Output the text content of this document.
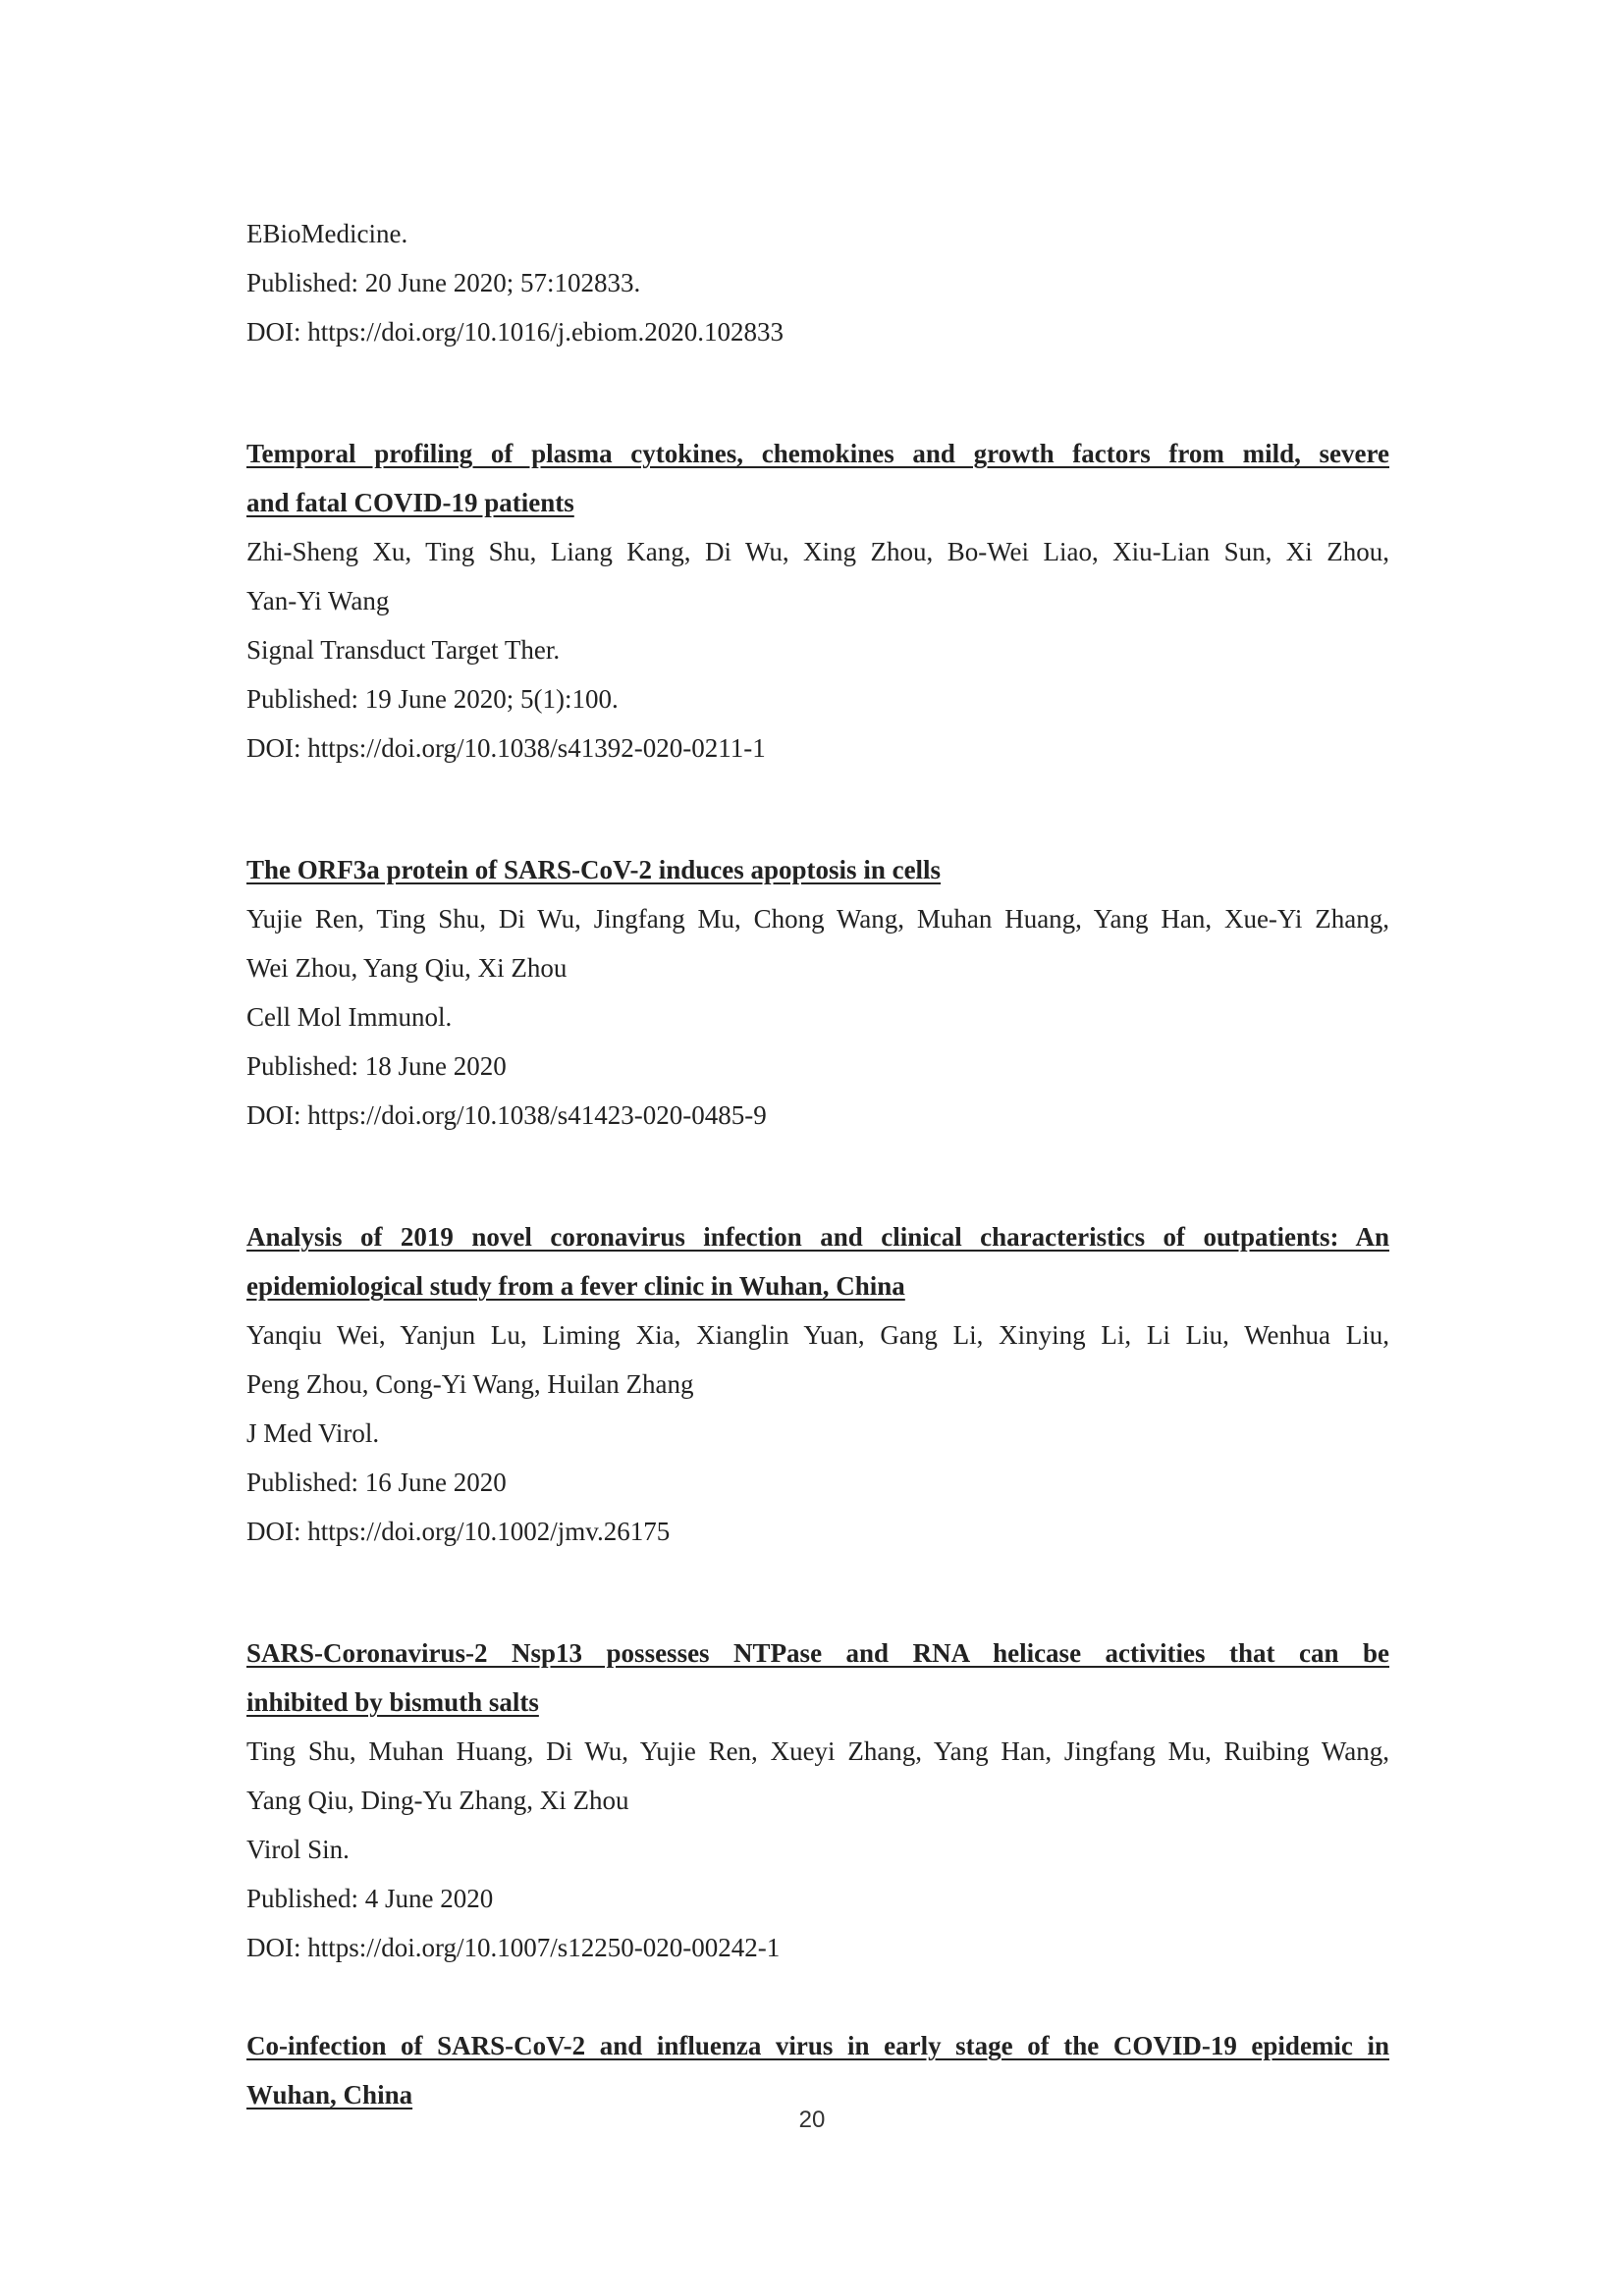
EBioMedicine.
Published: 20 June 2020; 57:102833.
DOI: https://doi.org/10.1016/j.ebiom.2020.102833
Temporal profiling of plasma cytokines, chemokines and growth factors from mild, severe
and fatal COVID-19 patients
Zhi-Sheng Xu, Ting Shu, Liang Kang, Di Wu, Xing Zhou, Bo-Wei Liao, Xiu-Lian Sun, Xi Zhou,
Yan-Yi Wang
Signal Transduct Target Ther.
Published: 19 June 2020; 5(1):100.
DOI: https://doi.org/10.1038/s41392-020-0211-1
The ORF3a protein of SARS-CoV-2 induces apoptosis in cells
Yujie Ren, Ting Shu, Di Wu, Jingfang Mu, Chong Wang, Muhan Huang, Yang Han, Xue-Yi Zhang,
Wei Zhou, Yang Qiu, Xi Zhou
Cell Mol Immunol.
Published: 18 June 2020
DOI: https://doi.org/10.1038/s41423-020-0485-9
Analysis of 2019 novel coronavirus infection and clinical characteristics of outpatients: An
epidemiological study from a fever clinic in Wuhan, China
Yanqiu Wei, Yanjun Lu, Liming Xia, Xianglin Yuan, Gang Li, Xinying Li, Li Liu, Wenhua Liu,
Peng Zhou, Cong‐Yi Wang, Huilan Zhang
J Med Virol.
Published: 16 June 2020
DOI: https://doi.org/10.1002/jmv.26175
SARS-Coronavirus-2 Nsp13 possesses NTPase and RNA helicase activities that can be
inhibited by bismuth salts
Ting Shu, Muhan Huang, Di Wu, Yujie Ren, Xueyi Zhang, Yang Han, Jingfang Mu, Ruibing Wang,
Yang Qiu, Ding-Yu Zhang, Xi Zhou
Virol Sin.
Published: 4 June 2020
DOI: https://doi.org/10.1007/s12250-020-00242-1
Co-infection of SARS-CoV-2 and influenza virus in early stage of the COVID-19 epidemic in
Wuhan, China
20
